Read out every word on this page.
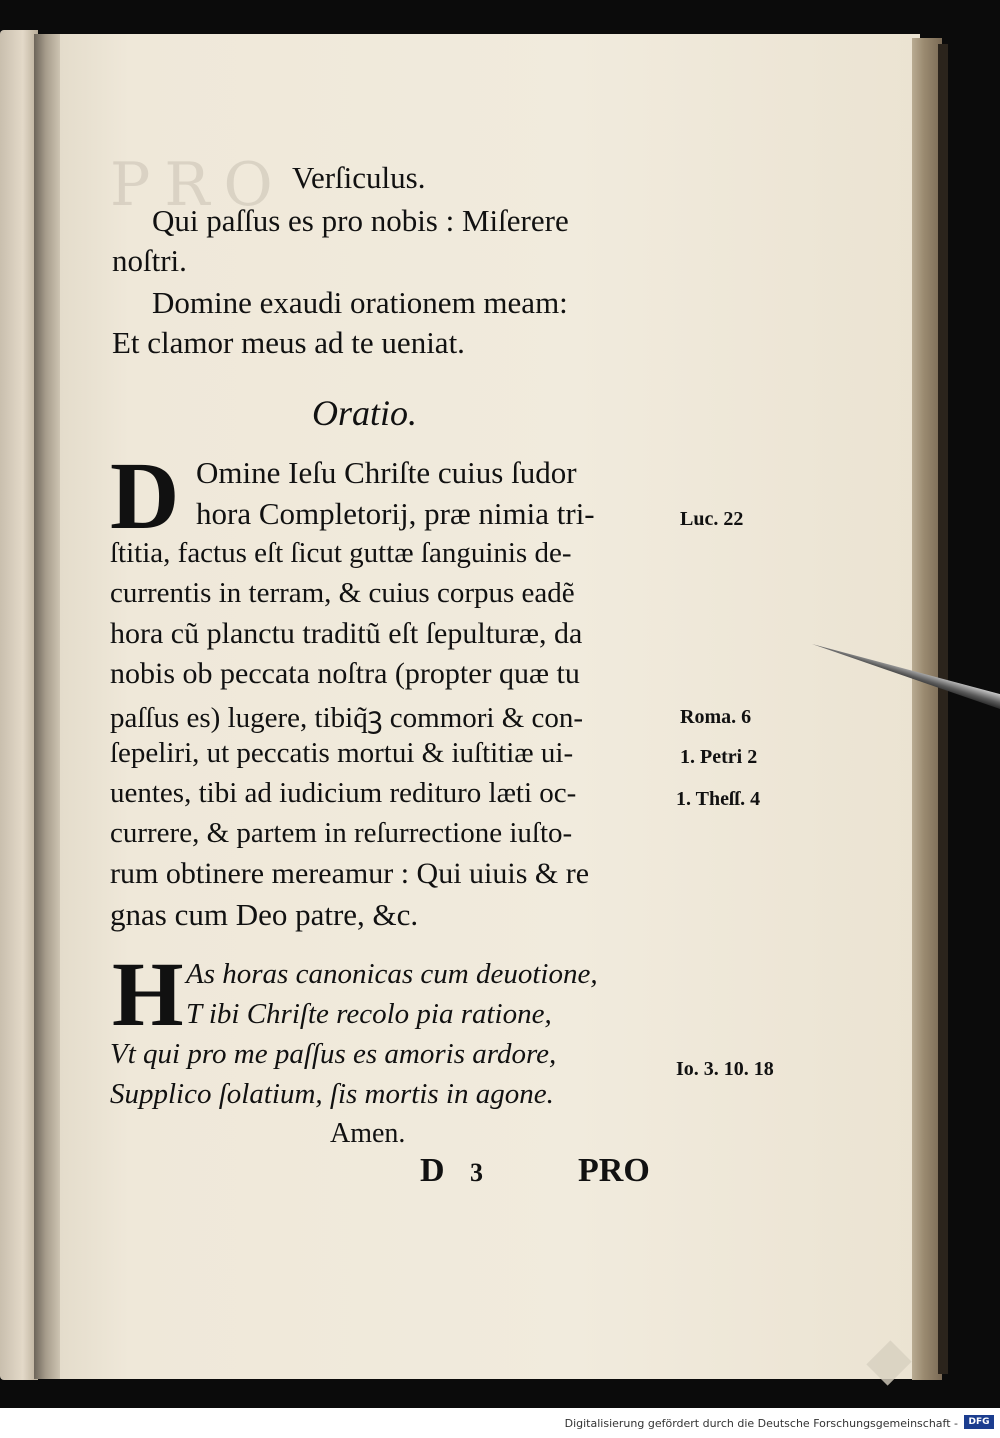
PRO Verſiculus.
Qui paſſus es pro nobis : Miſerere
noſtri.
Domine exaudi orationem meam:
Et clamor meus ad te ueniat.
Oratio.
D Omine Ieſu Chriſte cuius ſudor
hora Completorij, præ nimia tri-
ſtitia, factus eſt ſicut guttæ ſanguinis de-
currentis in terram, & cuius corpus eadẽ
hora cũ planctu traditũ eſt ſepulturæ, da
nobis ob peccata noſtra (propter quæ tu
paſſus es) lugere, tibiq̃ꝫ commori & con-
ſepeliri, ut peccatis mortui & iuſtitiæ ui-
uentes, tibi ad iudicium redituro læti oc-
currere, & partem in reſurrectione iuſto-
rum obtinere mereamur : Qui uiuis & re
gnas cum Deo patre, &c.
Luc. 22
Roma. 6
1. Petri 2
1. Theſſ. 4
Io. 3. 10. 18
H As horas canonicas cum deuotione,
T ibi Chriſte recolo pia ratione,
Vt qui pro me paſſus es amoris ardore,
Supplico ſolatium, ſis mortis in agone.
Amen.
D 3	PRO
Digitalisierung gefördert durch die Deutsche Forschungsgemeinschaft -	DFG
